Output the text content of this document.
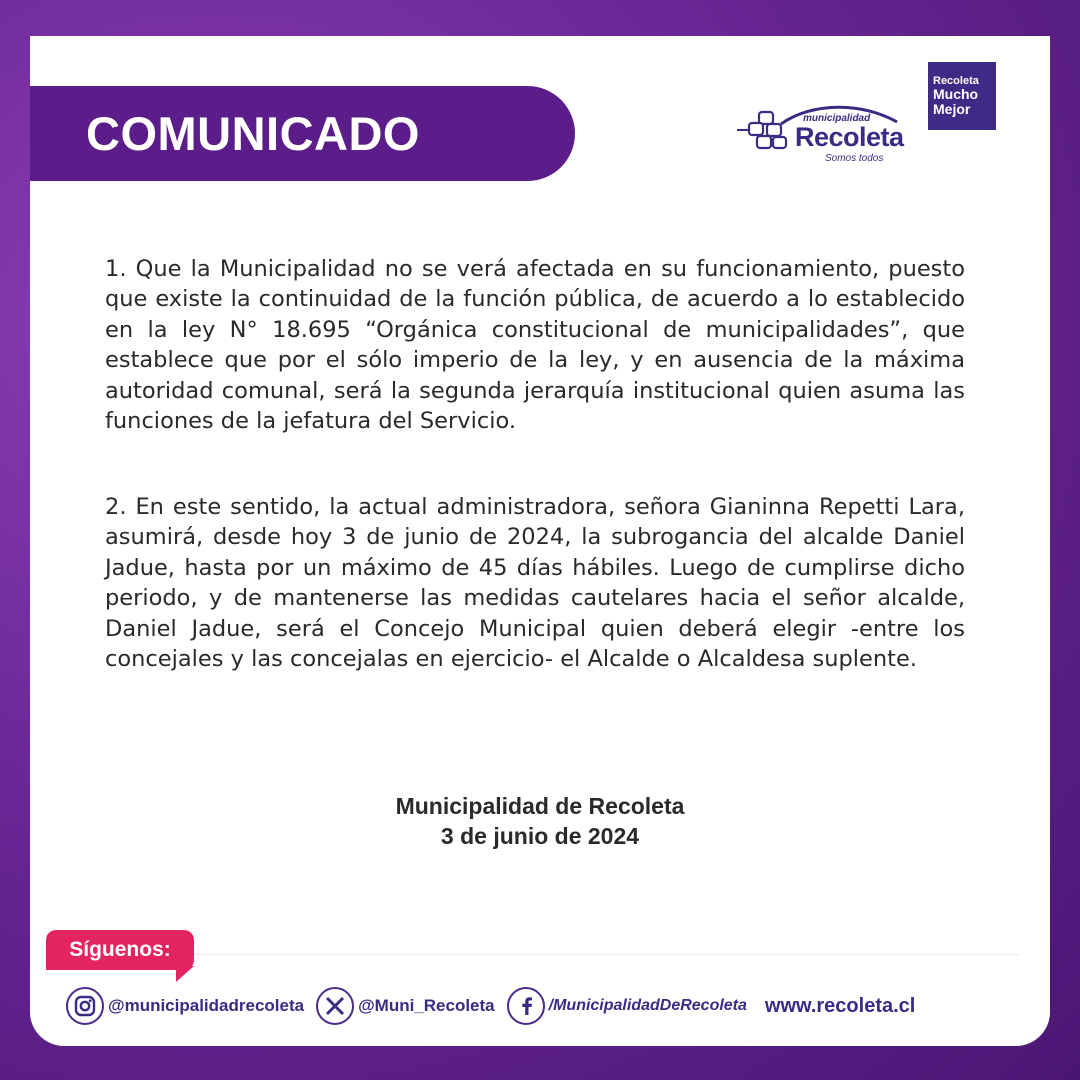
COMUNICADO	municipalidad
Recoleta
Somos todos
Recoleta
Mucho
Mejor

1. Que la Municipalidad no se verá afectada en su funcionamiento, puesto que existe la continuidad de la función pública, de acuerdo a lo establecido en la ley N° 18.695 “Orgánica constitucional de municipalidades”, que establece que por el sólo imperio de la ley, y en ausencia de la máxima autoridad comunal, será la segunda jerarquía institucional quien asuma las funciones de la jefatura del Servicio.

2. En este sentido, la actual administradora, señora Gianinna Repetti Lara, asumirá, desde hoy 3 de junio de 2024, la subrogancia del alcalde Daniel Jadue, hasta por un máximo de 45 días hábiles. Luego de cumplirse dicho periodo, y de mantenerse las medidas cautelares hacia el señor alcalde, Daniel Jadue, será el Concejo Municipal quien deberá elegir -entre los concejales y las concejalas en ejercicio- el Alcalde o Alcaldesa suplente.

Municipalidad de Recoleta
3 de junio de 2024
Síguenos:
@municipalidadrecoleta	@Muni_Recoleta	/MunicipalidadDeRecoleta www.recoleta.cl
